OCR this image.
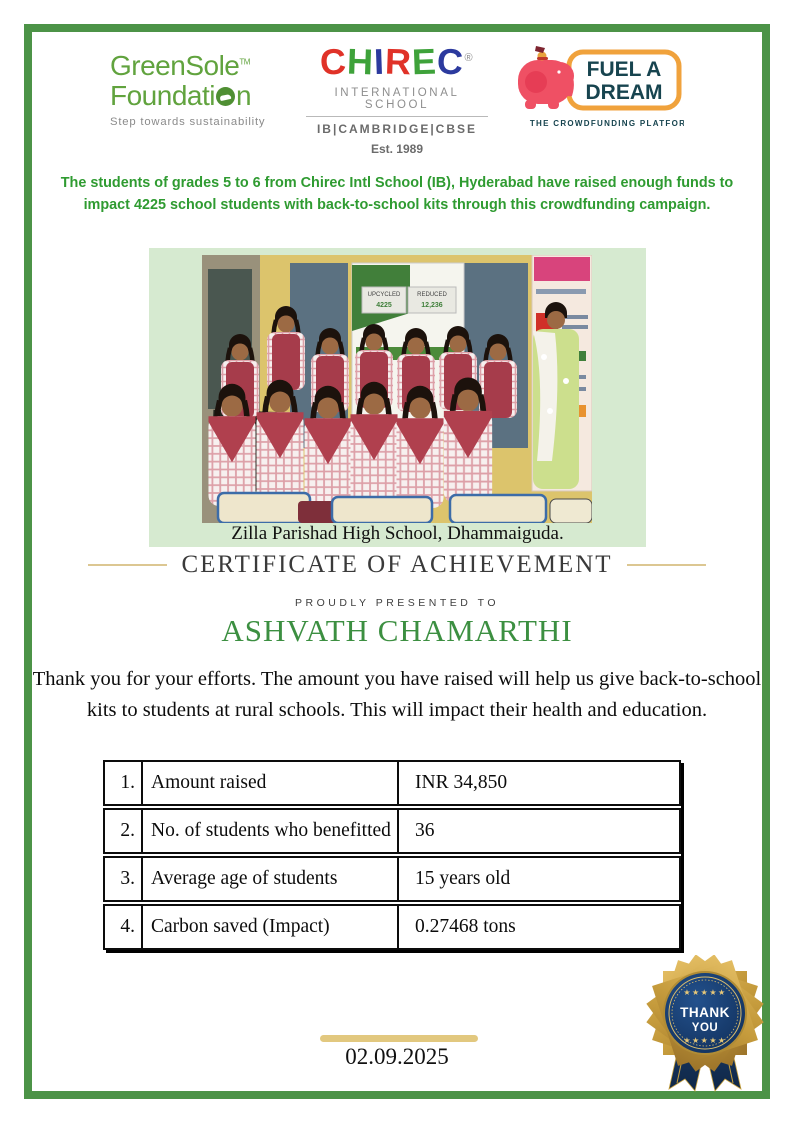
GreenSole™
F oundati n
Step towards sustainability
CHIREC®
INTERNATIONAL SCHOOL
IB|CAMBRIDGE|CBSE
Est. 1989
FUEL A
DREAM
THE CROWDFUNDING PLATFORM

The students of grades 5 to 6 from Chirec Intl School (IB), Hyderabad have raised enough funds to impact 4225 school students with back-to-school kits through this crowdfunding campaign.

UPCYCLED	REDUCED
4225	12,236
Zilla Parishad High School, Dhammaiguda.
CERTIFICATE OF ACHIEVEMENT
PROUDLY PRESENTED TO
ASHVATH CHAMARTHI
Thank you for your efforts. The amount you have raised will help us give back-to-school kits to students at rural schools. This will impact their health and education.
1. Amount raised	INR 34,850
2. No. of students who benefitted	36
3. Average age of students	15 years old
4. Carbon saved (Impact)	0.27468 tons
★★★★★
THANK
YOU
★★★★★
02.09.2025
